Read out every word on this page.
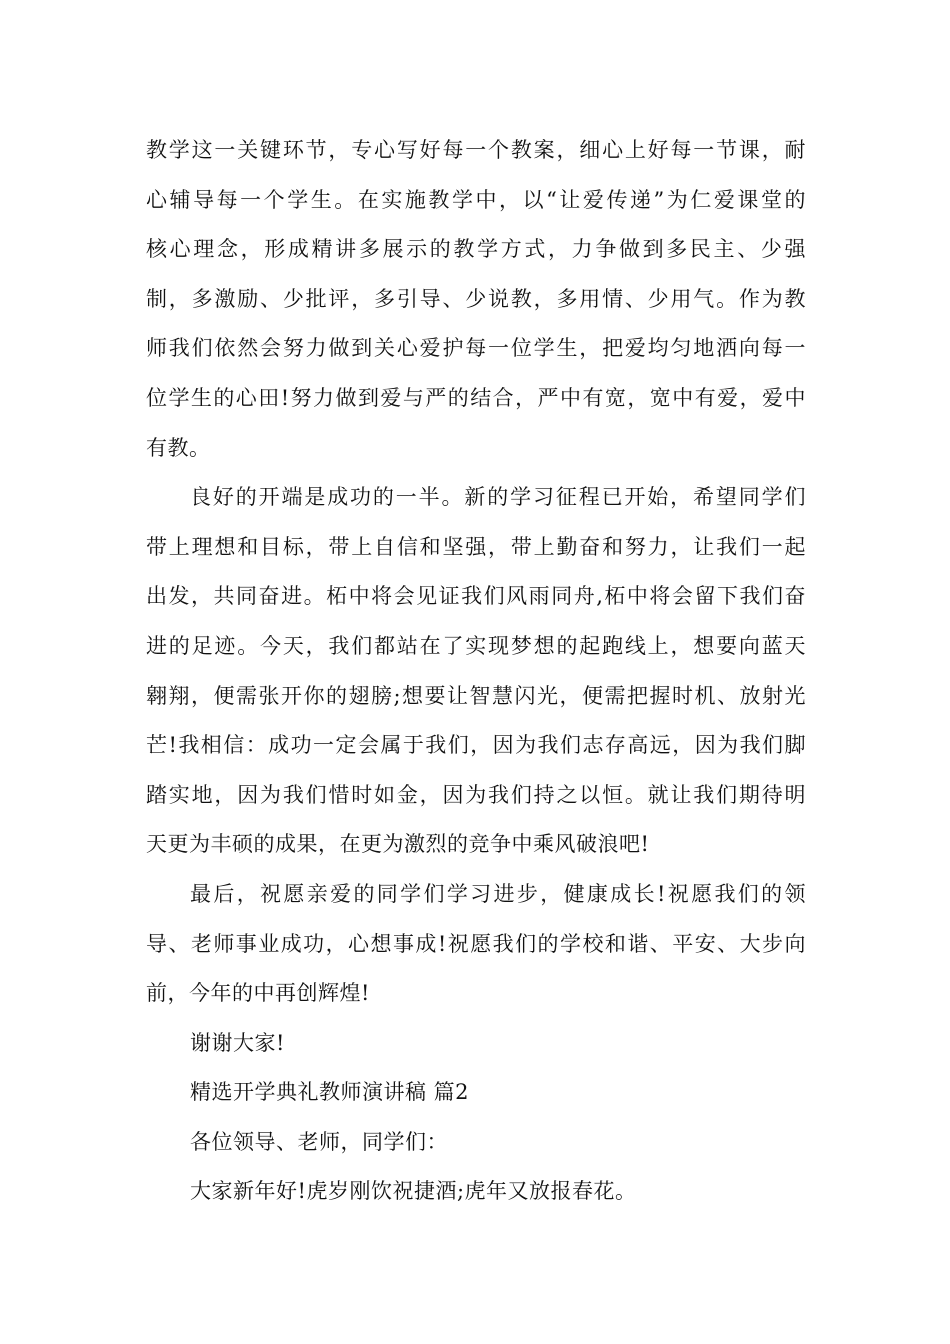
教学这一关键环节，专心写好每一个教案，细心上好每一节课，耐
心辅导每一个学生。在实施教学中，以“让爱传递”为仁爱课堂的
核心理念，形成精讲多展示的教学方式，力争做到多民主、少强
制，多激励、少批评，多引导、少说教，多用情、少用气。作为教
师我们依然会努力做到关心爱护每一位学生，把爱均匀地洒向每一
位学生的心田!努力做到爱与严的结合，严中有宽，宽中有爱，爱中
有教。
良好的开端是成功的一半。新的学习征程已开始，希望同学们
带上理想和目标，带上自信和坚强，带上勤奋和努力，让我们一起
出发，共同奋进。柘中将会见证我们风雨同舟,柘中将会留下我们奋
进的足迹。今天，我们都站在了实现梦想的起跑线上，想要向蓝天
翱翔，便需张开你的翅膀;想要让智慧闪光，便需把握时机、放射光
芒!我相信：成功一定会属于我们，因为我们志存高远，因为我们脚
踏实地，因为我们惜时如金，因为我们持之以恒。就让我们期待明
天更为丰硕的成果，在更为激烈的竞争中乘风破浪吧!
最后，祝愿亲爱的同学们学习进步，健康成长!祝愿我们的领
导、老师事业成功，心想事成!祝愿我们的学校和谐、平安、大步向
前，今年的中再创辉煌!
谢谢大家!
精选开学典礼教师演讲稿 篇2
各位领导、老师，同学们：
大家新年好!虎岁刚饮祝捷酒;虎年又放报春花。
